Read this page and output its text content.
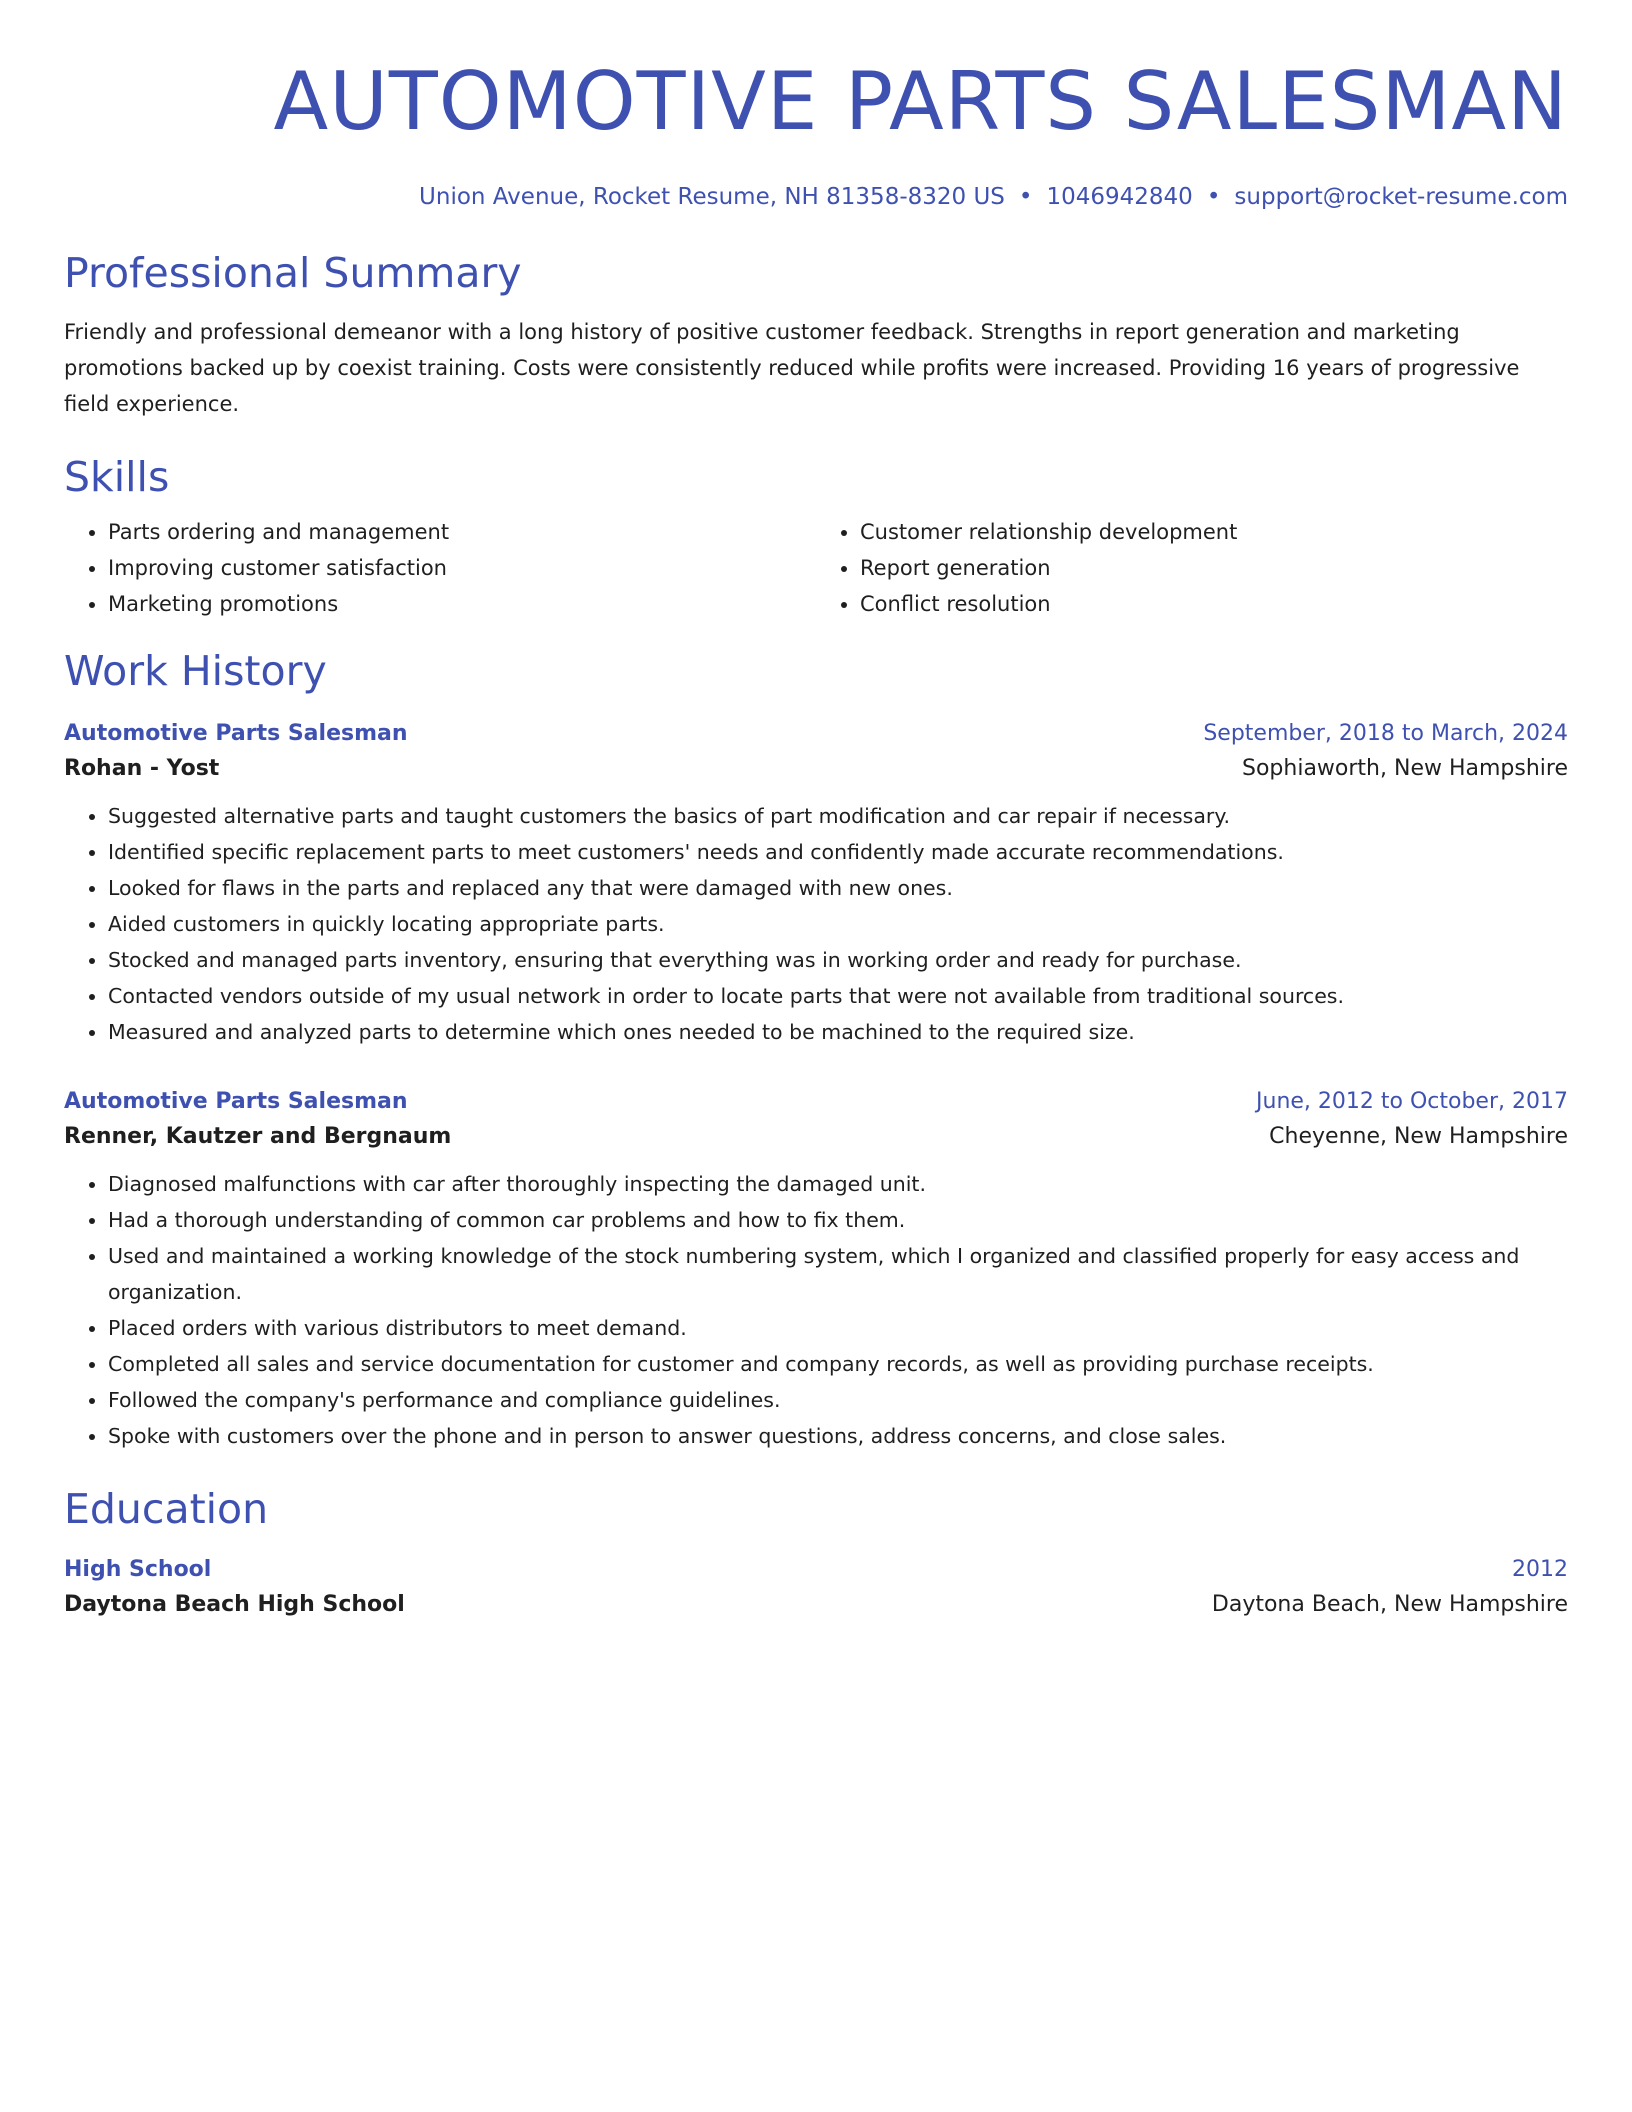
AUTOMOTIVE PARTS SALESMAN
Union Avenue, Rocket Resume, NH 81358-8320 US • 1046942840 • support@rocket-resume.com
Professional Summary
Friendly and professional demeanor with a long history of positive customer feedback. Strengths in report generation and marketing promotions backed up by coexist training. Costs were consistently reduced while profits were increased. Providing 16 years of progressive field experience.
Skills
• Parts ordering and management
• Improving customer satisfaction
• Marketing promotions
• Customer relationship development
• Report generation
• Conflict resolution
Work History
Automotive Parts Salesman	September, 2018 to March, 2024
Rohan - Yost	Sophiaworth, New Hampshire
• Suggested alternative parts and taught customers the basics of part modification and car repair if necessary.
• Identified specific replacement parts to meet customers' needs and confidently made accurate recommendations.
• Looked for flaws in the parts and replaced any that were damaged with new ones.
• Aided customers in quickly locating appropriate parts.
• Stocked and managed parts inventory, ensuring that everything was in working order and ready for purchase.
• Contacted vendors outside of my usual network in order to locate parts that were not available from traditional sources.
• Measured and analyzed parts to determine which ones needed to be machined to the required size.
Automotive Parts Salesman	June, 2012 to October, 2017
Renner, Kautzer and Bergnaum	Cheyenne, New Hampshire
• Diagnosed malfunctions with car after thoroughly inspecting the damaged unit.
• Had a thorough understanding of common car problems and how to fix them.
• Used and maintained a working knowledge of the stock numbering system, which I organized and classified properly for easy access and organization.
• Placed orders with various distributors to meet demand.
• Completed all sales and service documentation for customer and company records, as well as providing purchase receipts.
• Followed the company's performance and compliance guidelines.
• Spoke with customers over the phone and in person to answer questions, address concerns, and close sales.
Education
High School	2012
Daytona Beach High School	Daytona Beach, New Hampshire
